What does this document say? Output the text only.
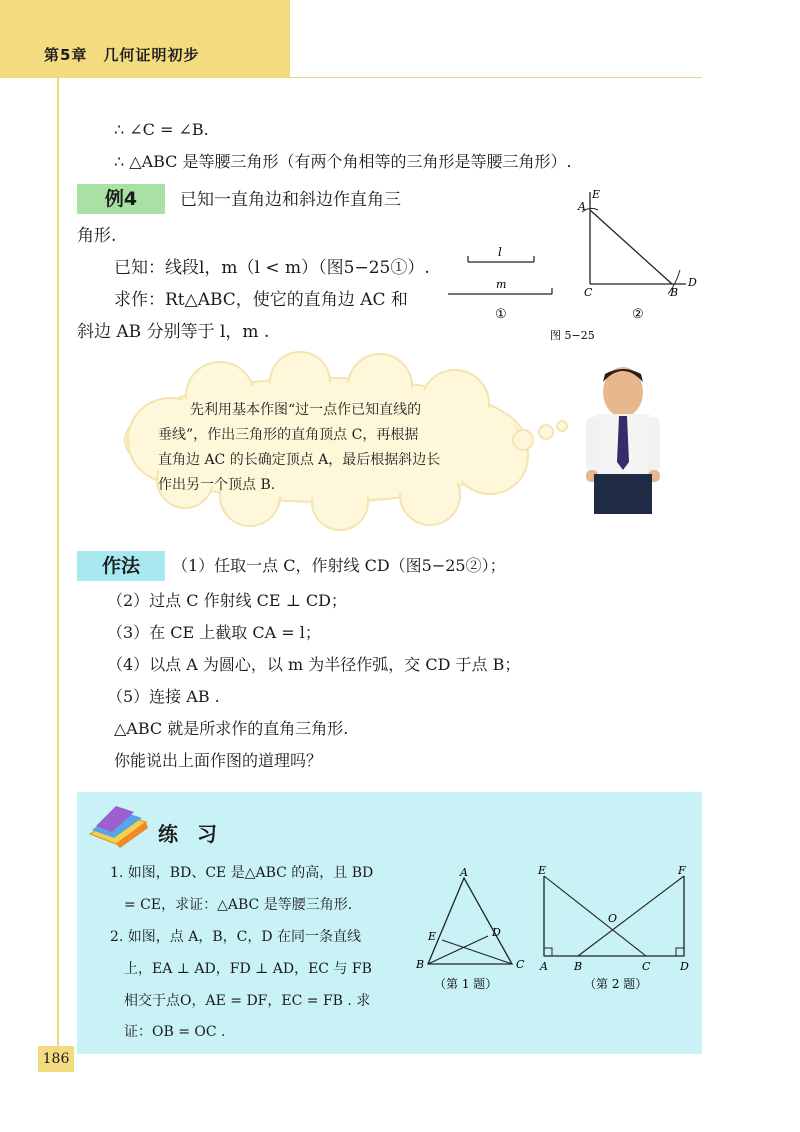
第5章　几何证明初步
∴ ∠C = ∠B.
∴ △ABC 是等腰三角形（有两个角相等的三角形是等腰三角形）.
例4	已知一直角边和斜边作直角三
角形.
已知：线段l，m（l < m）（图5−25①）.
求作：Rt△ABC，使它的直角边 AC 和
斜边 AB 分别等于 l，m .
l
m
①
E
A
C	B
D
②
图 5−25
先利用基本作图“过一点作已知直线的
垂线”，作出三角形的直角顶点 C，再根据
直角边 AC 的长确定顶点 A，最后根据斜边长
作出另一个顶点 B.
作法	（1）任取一点 C，作射线 CD（图5−25②）；
（2）过点 C 作射线 CE ⊥ CD；
（3）在 CE 上截取 CA = l；
（4）以点 A 为圆心，以 m 为半径作弧，交 CD 于点 B；
（5）连接 AB .
△ABC 就是所求作的直角三角形.
你能说出上面作图的道理吗？
练 习
1. 如图，BD、CE 是△ABC 的高，且 BD
= CE，求证：△ABC 是等腰三角形.
2. 如图，点 A，B，C，D 在同一条直线
上，EA ⊥ AD，FD ⊥ AD，EC 与 FB
相交于点O，AE = DF，EC = FB . 求
证：OB = OC .
A
B	C
D
E
（第 1 题）
E	F
O
A B	C	D
（第 2 题）
186
